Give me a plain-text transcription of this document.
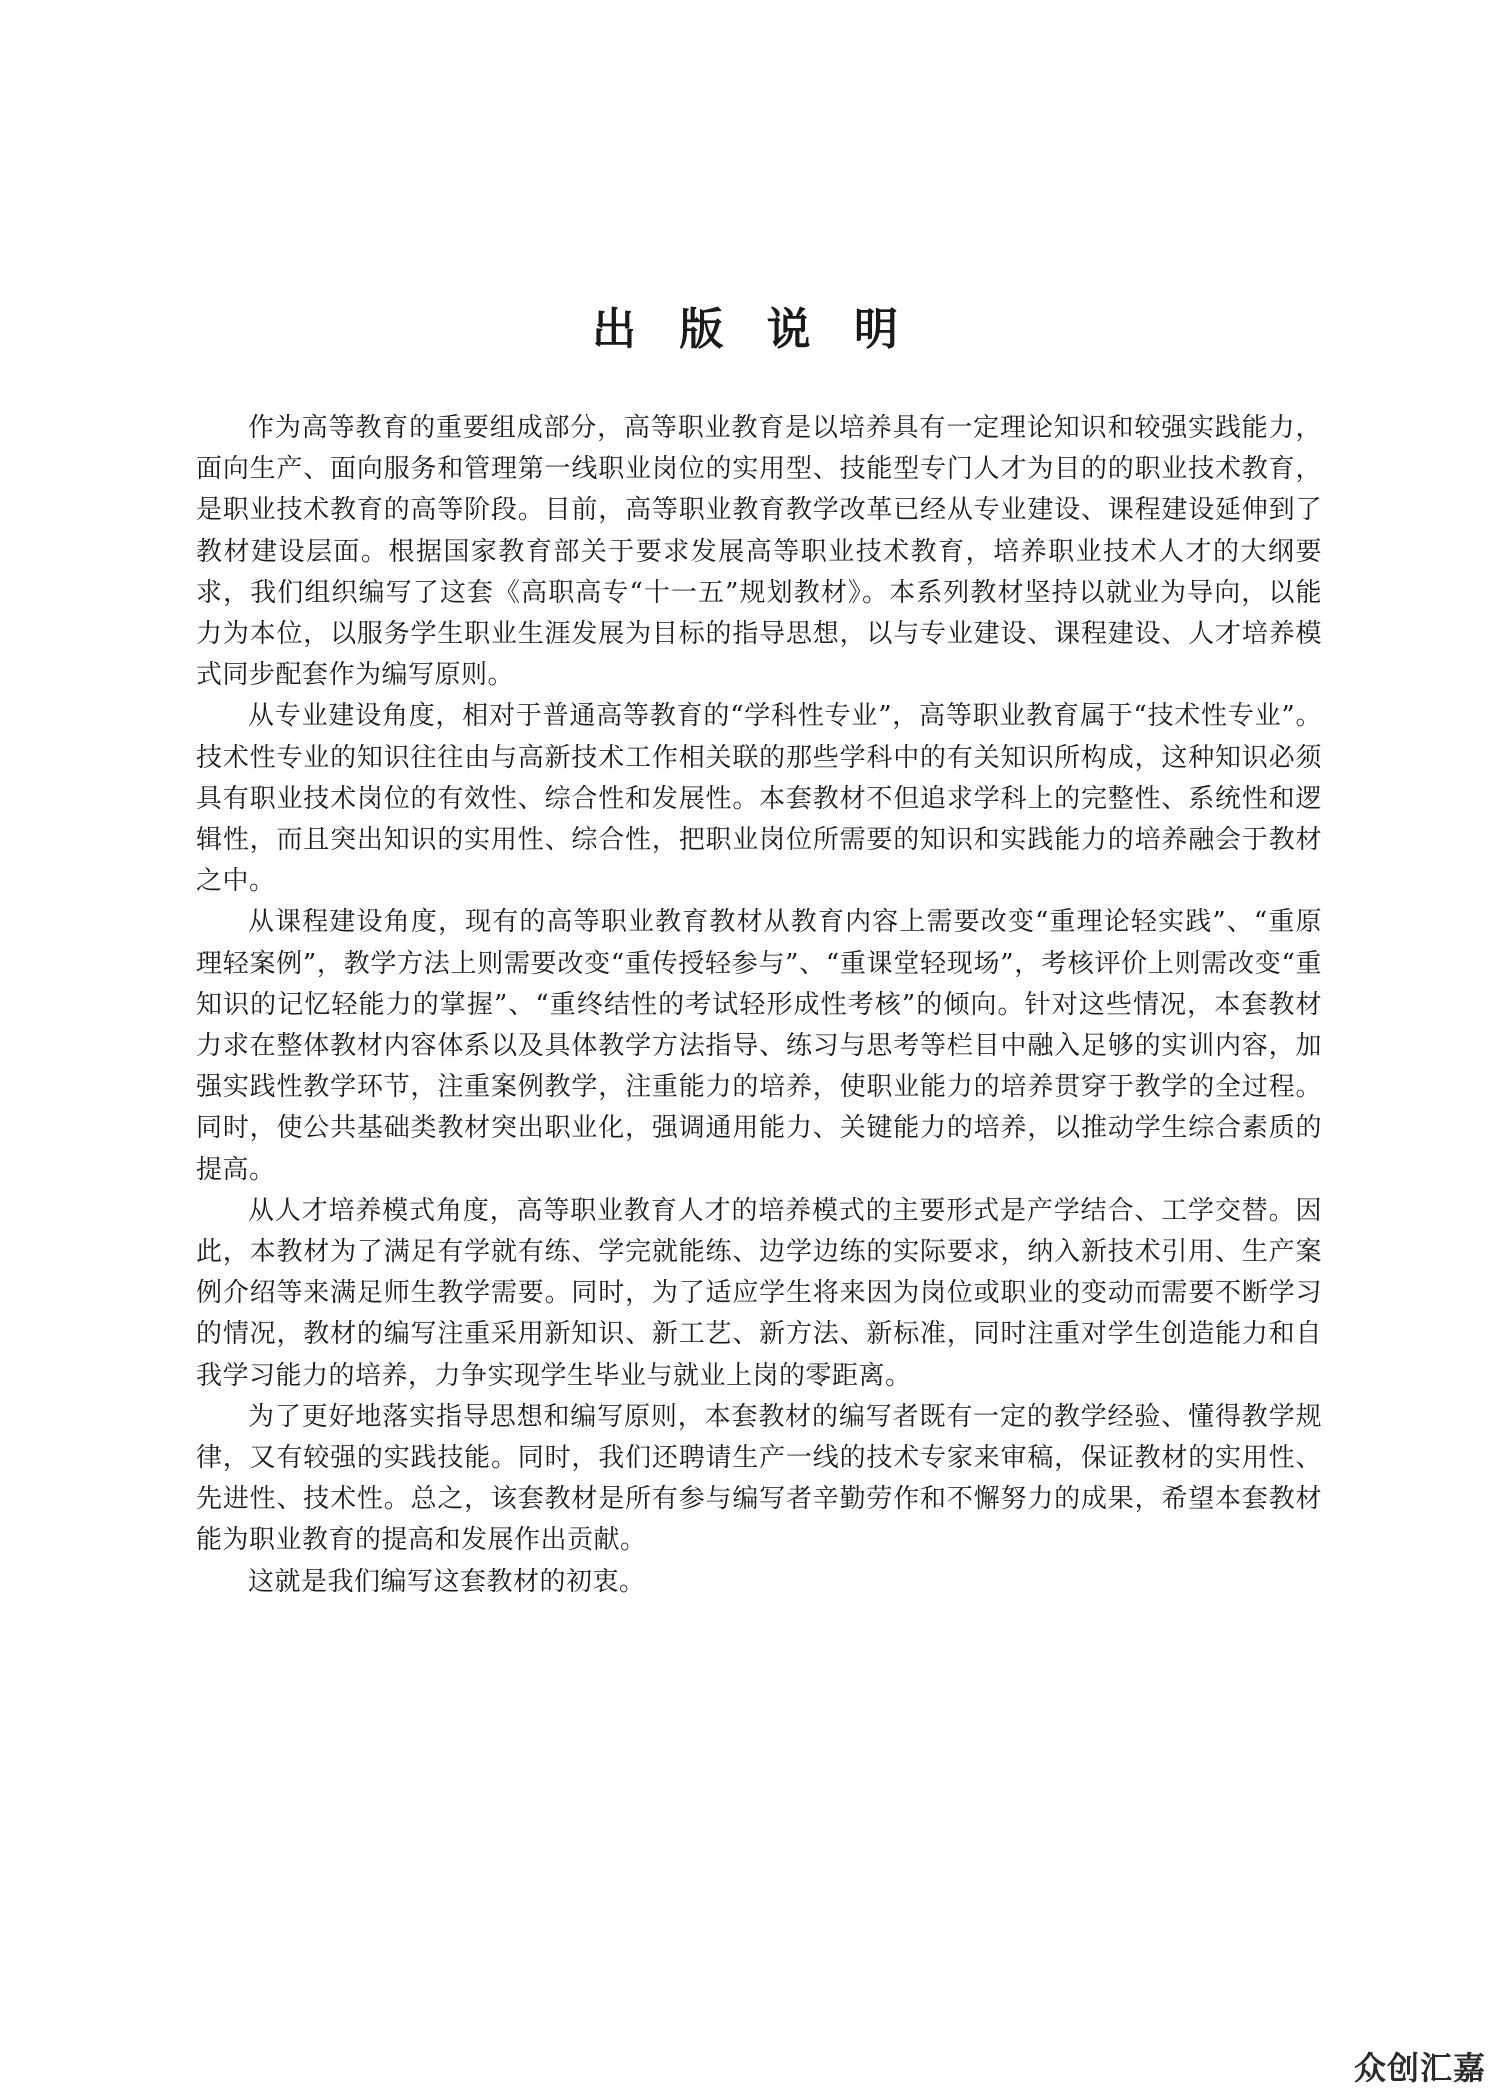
出 版 说 明

作为高等教育的重要组成部分，高等职业教育是以培养具有一定理论知识和较强实践能力，面向生产、面向服务和管理第一线职业岗位的实用型、技能型专门人才为目的的职业技术教育，是职业技术教育的高等阶段。目前，高等职业教育教学改革已经从专业建设、课程建设延伸到了教材建设层面。根据国家教育部关于要求发展高等职业技术教育，培养职业技术人才的大纲要求，我们组织编写了这套《高职高专“十一五”规划教材》。本系列教材坚持以就业为导向，以能力为本位，以服务学生职业生涯发展为目标的指导思想，以与专业建设、课程建设、人才培养模式同步配套作为编写原则。

从专业建设角度，相对于普通高等教育的“学科性专业”，高等职业教育属于“技术性专业”。技术性专业的知识往往由与高新技术工作相关联的那些学科中的有关知识所构成，这种知识必须具有职业技术岗位的有效性、综合性和发展性。本套教材不但追求学科上的完整性、系统性和逻辑性，而且突出知识的实用性、综合性，把职业岗位所需要的知识和实践能力的培养融会于教材之中。

从课程建设角度，现有的高等职业教育教材从教育内容上需要改变“重理论轻实践”、“重原理轻案例”，教学方法上则需要改变“重传授轻参与”、“重课堂轻现场”，考核评价上则需改变“重知识的记忆轻能力的掌握”、“重终结性的考试轻形成性考核”的倾向。针对这些情况，本套教材力求在整体教材内容体系以及具体教学方法指导、练习与思考等栏目中融入足够的实训内容，加强实践性教学环节，注重案例教学，注重能力的培养，使职业能力的培养贯穿于教学的全过程。同时，使公共基础类教材突出职业化，强调通用能力、关键能力的培养，以推动学生综合素质的提高。

从人才培养模式角度，高等职业教育人才的培养模式的主要形式是产学结合、工学交替。因此，本教材为了满足有学就有练、学完就能练、边学边练的实际要求，纳入新技术引用、生产案例介绍等来满足师生教学需要。同时，为了适应学生将来因为岗位或职业的变动而需要不断学习的情况，教材的编写注重采用新知识、新工艺、新方法、新标准，同时注重对学生创造能力和自我学习能力的培养，力争实现学生毕业与就业上岗的零距离。

为了更好地落实指导思想和编写原则，本套教材的编写者既有一定的教学经验、懂得教学规律，又有较强的实践技能。同时，我们还聘请生产一线的技术专家来审稿，保证教材的实用性、先进性、技术性。总之，该套教材是所有参与编写者辛勤劳作和不懈努力的成果，希望本套教材能为职业教育的提高和发展作出贡献。

这就是我们编写这套教材的初衷。

众创汇嘉
